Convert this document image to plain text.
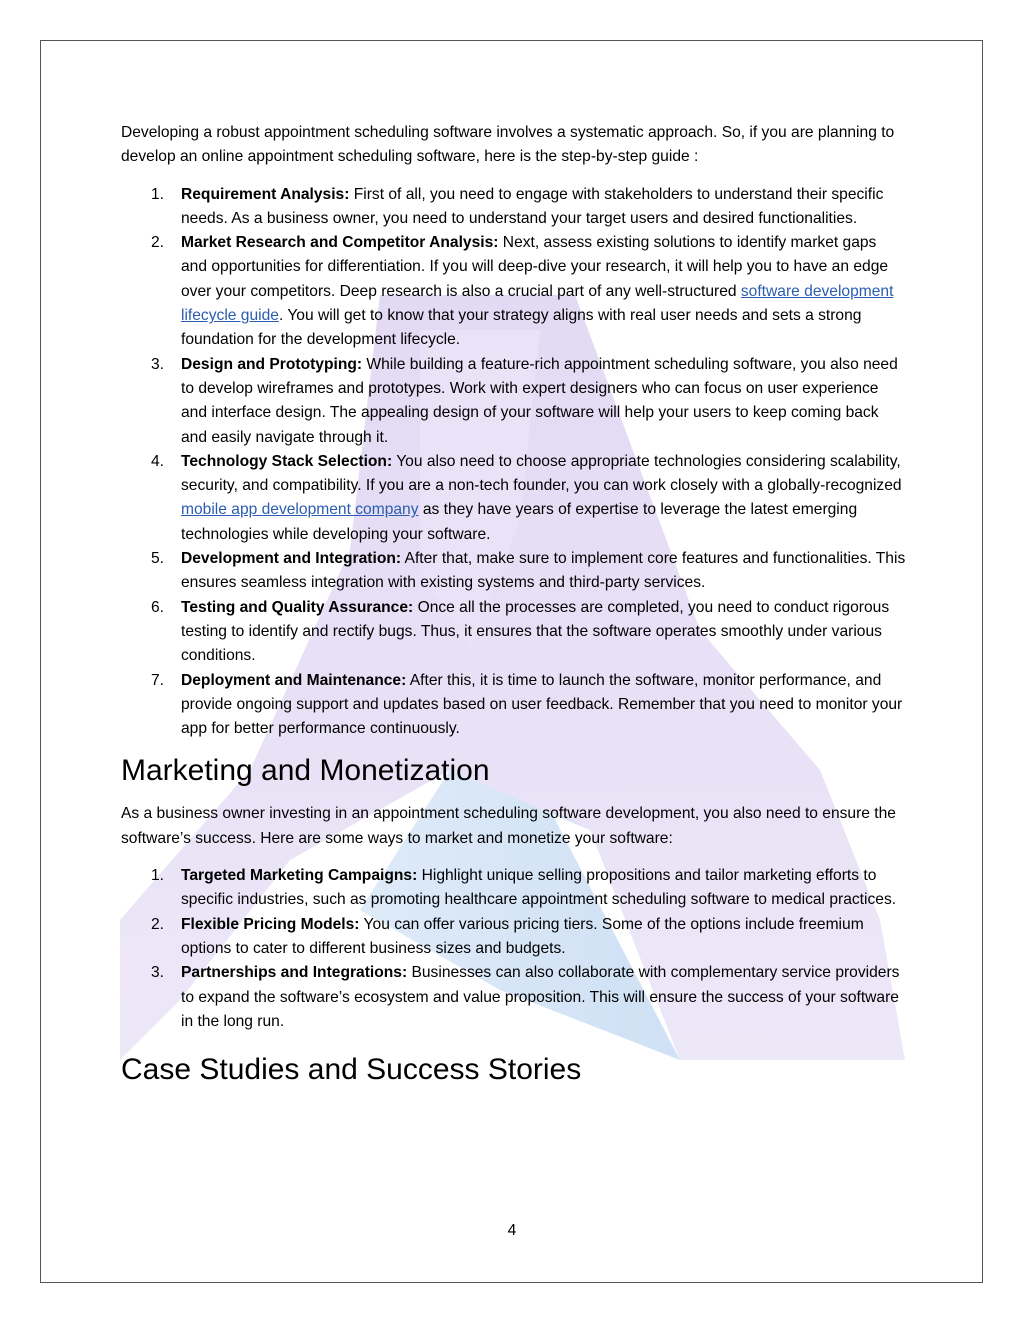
Developing a robust appointment scheduling software involves a systematic approach. So, if you are planning to develop an online appointment scheduling software, here is the step-by-step guide :

1. Requirement Analysis: First of all, you need to engage with stakeholders to understand their specific needs. As a business owner, you need to understand your target users and desired functionalities.
2. Market Research and Competitor Analysis: Next, assess existing solutions to identify market gaps and opportunities for differentiation. If you will deep-dive your research, it will help you to have an edge over your competitors. Deep research is also a crucial part of any well-structured software development lifecycle guide. You will get to know that your strategy aligns with real user needs and sets a strong foundation for the development lifecycle.
3. Design and Prototyping: While building a feature-rich appointment scheduling software, you also need to develop wireframes and prototypes. Work with expert designers who can focus on user experience and interface design. The appealing design of your software will help your users to keep coming back and easily navigate through it.
4. Technology Stack Selection: You also need to choose appropriate technologies considering scalability, security, and compatibility. If you are a non-tech founder, you can work closely with a globally-recognized mobile app development company as they have years of expertise to leverage the latest emerging technologies while developing your software.
5. Development and Integration: After that, make sure to implement core features and functionalities. This ensures seamless integration with existing systems and third-party services.
6. Testing and Quality Assurance: Once all the processes are completed, you need to conduct rigorous testing to identify and rectify bugs. Thus, it ensures that the software operates smoothly under various conditions.
7. Deployment and Maintenance: After this, it is time to launch the software, monitor performance, and provide ongoing support and updates based on user feedback. Remember that you need to monitor your app for better performance continuously.
Marketing and Monetization

As a business owner investing in an appointment scheduling software development, you also need to ensure the software’s success. Here are some ways to market and monetize your software:

1. Targeted Marketing Campaigns: Highlight unique selling propositions and tailor marketing efforts to specific industries, such as promoting healthcare appointment scheduling software to medical practices.
2. Flexible Pricing Models: You can offer various pricing tiers. Some of the options include freemium options to cater to different business sizes and budgets.
3. Partnerships and Integrations: Businesses can also collaborate with complementary service providers to expand the software’s ecosystem and value proposition. This will ensure the success of your software in the long run.
Case Studies and Success Stories
4
